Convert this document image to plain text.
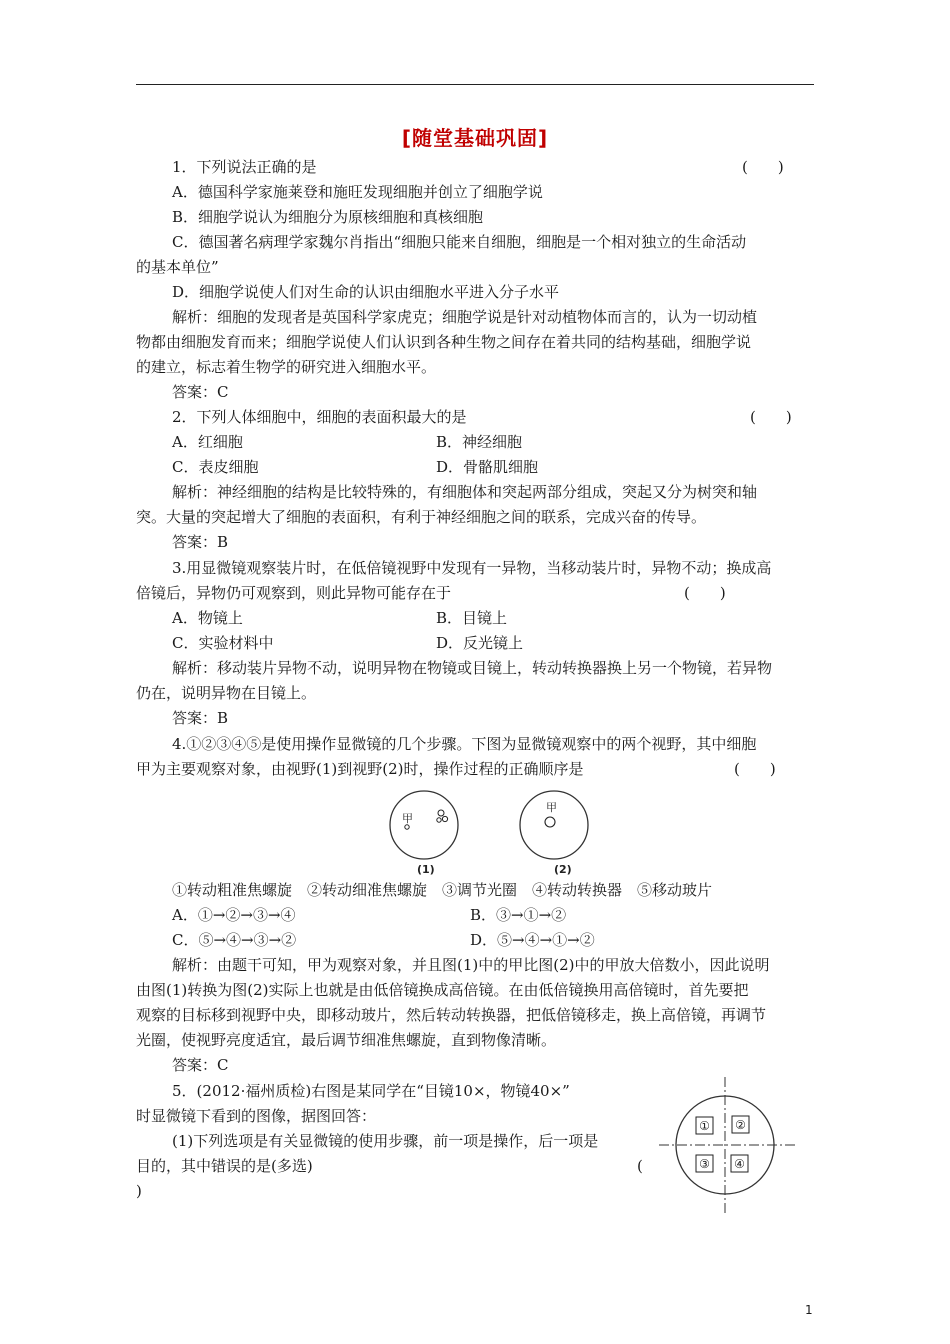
[随堂基础巩固]
1．下列说法正确的是	(　　)
A．德国科学家施莱登和施旺发现细胞并创立了细胞学说
B．细胞学说认为细胞分为原核细胞和真核细胞
C．德国著名病理学家魏尔肖指出“细胞只能来自细胞，细胞是一个相对独立的生命活动
的基本单位”
D．细胞学说使人们对生命的认识由细胞水平进入分子水平
解析：细胞的发现者是英国科学家虎克；细胞学说是针对动植物体而言的，认为一切动植
物都由细胞发育而来；细胞学说使人们认识到各种生物之间存在着共同的结构基础，细胞学说
的建立，标志着生物学的研究进入细胞水平。
答案：C
2．下列人体细胞中，细胞的表面积最大的是	(　　)
A．红细胞	B．神经细胞
C．表皮细胞	D．骨骼肌细胞
解析：神经细胞的结构是比较特殊的，有细胞体和突起两部分组成，突起又分为树突和轴
突。大量的突起增大了细胞的表面积，有利于神经细胞之间的联系，完成兴奋的传导。
答案：B
3.用显微镜观察装片时，在低倍镜视野中发现有一异物，当移动装片时，异物不动；换成高
倍镜后，异物仍可观察到，则此异物可能存在于	(　　)
A．物镜上	B．目镜上
C．实验材料中	D．反光镜上
解析：移动装片异物不动，说明异物在物镜或目镜上，转动转换器换上另一个物镜，若异物
仍在，说明异物在目镜上。
答案：B
4.①②③④⑤是使用操作显微镜的几个步骤。下图为显微镜观察中的两个视野，其中细胞
甲为主要观察对象，由视野(1)到视野(2)时，操作过程的正确顺序是	(　　)
甲
(1)
甲
(2)
①转动粗准焦螺旋　②转动细准焦螺旋　③调节光圈　④转动转换器　⑤移动玻片
A．①→②→③→④	B．③→①→②
C．⑤→④→③→②	D．⑤→④→①→②
解析：由题干可知，甲为观察对象，并且图(1)中的甲比图(2)中的甲放大倍数小，因此说明
由图(1)转换为图(2)实际上也就是由低倍镜换成高倍镜。在由低倍镜换用高倍镜时，首先要把
观察的目标移到视野中央，即移动玻片，然后转动转换器，把低倍镜移走，换上高倍镜，再调节
光圈，使视野亮度适宜，最后调节细准焦螺旋，直到物像清晰。
答案：C
5．(2012·福州质检)右图是某同学在“目镜10×，物镜40×”
时显微镜下看到的图像，据图回答：
(1)下列选项是有关显微镜的使用步骤，前一项是操作，后一项是
目的，其中错误的是(多选)	(
)
① ②
③ ④
1
